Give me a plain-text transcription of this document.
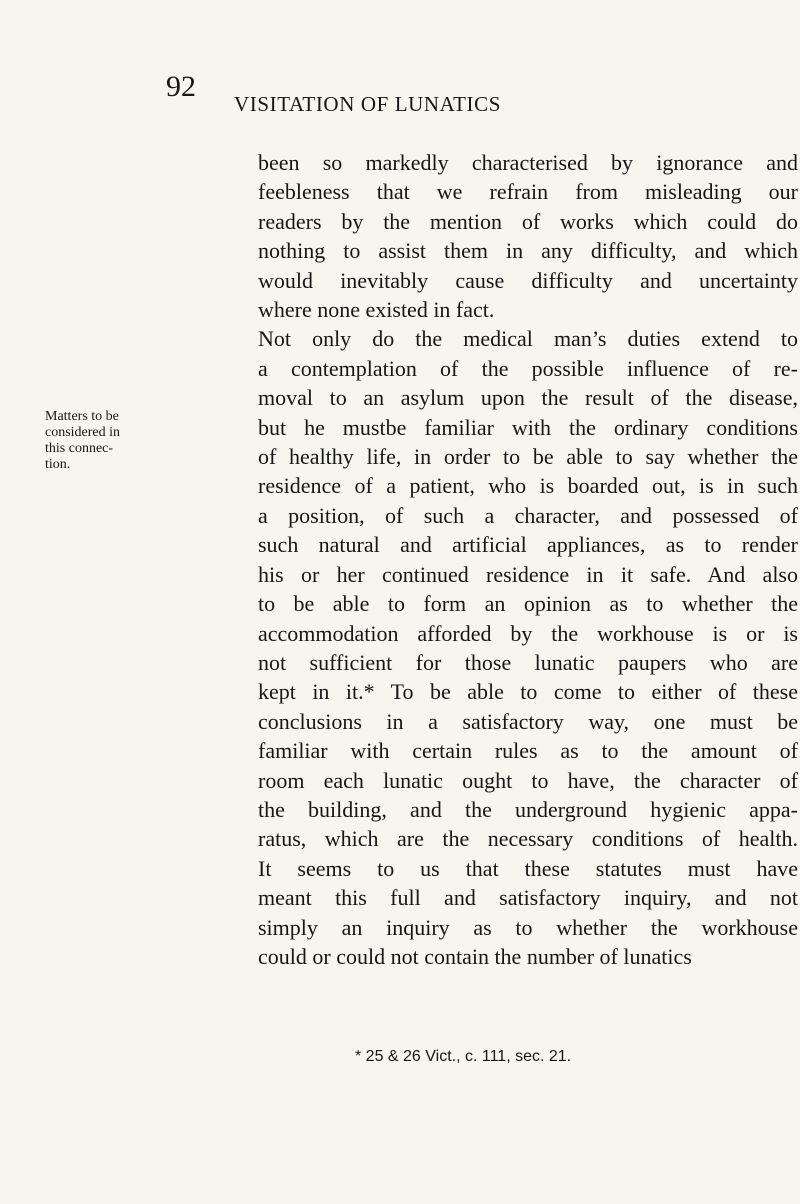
92
VISITATION OF LUNATICS
Matters to be
considered in
this connec-
tion.
been so markedly characterised by ignorance and
feebleness that we refrain from misleading our
readers by the mention of works which could do
nothing to assist them in any difficulty, and which
would inevitably cause difficulty and uncertainty
where none existed in fact.
Not only do the medical man’s duties extend to
a contemplation of the possible influence of re-
moval to an asylum upon the result of the disease,
but he mustbe familiar with the ordinary conditions
of healthy life, in order to be able to say whether the
residence of a patient, who is boarded out, is in such
a position, of such a character, and possessed of
such natural and artificial appliances, as to render
his or her continued residence in it safe. And also
to be able to form an opinion as to whether the
accommodation afforded by the workhouse is or is
not sufficient for those lunatic paupers who are
kept in it.* To be able to come to either of these
conclusions in a satisfactory way, one must be
familiar with certain rules as to the amount of
room each lunatic ought to have, the character of
the building, and the underground hygienic appa-
ratus, which are the necessary conditions of health.
It seems to us that these statutes must have
meant this full and satisfactory inquiry, and not
simply an inquiry as to whether the workhouse
could or could not contain the number of lunatics
* 25 & 26 Vict., c. 111, sec. 21.
